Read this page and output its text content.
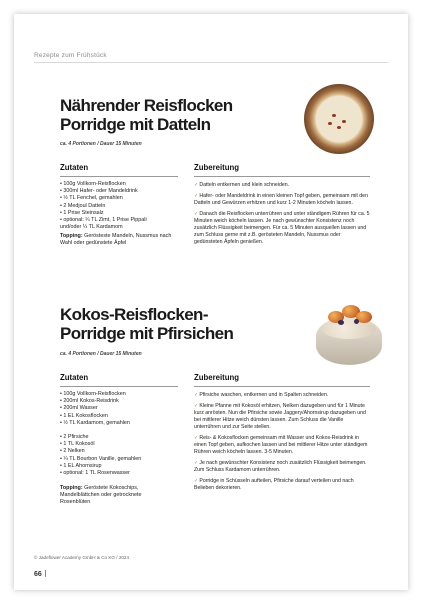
Rezepte zum Frühstück
Nährender Reisflocken
Porridge mit Datteln
ca. 4 Portionen / Dauer 15 Minuten
Zutaten
• 100g Vollkorn-Reisflocken
• 300ml Hafer- oder Mandeldrink
• ½ TL Fenchel, gemahlen
• 2 Medjoul Datteln
• 1 Prise Steinsalz
• optional: ¼ TL Zimt, 1 Prise Pippali
und/oder ¼ TL Kardamom
Topping: Gerösteste Mandeln, Nussmus nach Wahl oder gedünstete Äpfel
Zubereitung
✓Datteln entkernen und klein schneiden.
✓Hafer- oder Mandeldrink in einen kleinen Topf geben, gemeinsam mit den Datteln und Gewürzen erhitzen und kurz 1-2 Minuten köcheln lassen.
✓Danach die Reisflocken unterrühren und unter ständigem Rühren für ca. 5 Minuten weich köcheln lassen. Je nach gewünschter Konsistenz noch zusätzlich Flüssigkeit beimengen. Für ca. 5 Minuten ausquellen lassen und zum Schluss gerne mit z.B. gerösteten Mandeln, Nussmus oder gedünsteten Äpfeln genießen.
Kokos-Reisflocken-
Porridge mit Pfirsichen
ca. 4 Portionen / Dauer 15 Minuten
Zutaten
• 100g Vollkorn-Reisflocken
• 200ml Kokos-Reisdrink
• 200ml Wasser
• 1 EL Kokosflocken
• ½ TL Kardamom, gemahlen
• 2 Pfirsiche
• 1 TL Kokosöl
• 2 Nelken
• ¼ TL Bourbon Vanille, gemahlen
• 1 EL Ahornsirup
• optional: 1 TL Rosenwasser
Topping: Geröstete Kokoschips, Mandelblättchen oder getrocknete Rosenblüten
Zubereitung
✓Pfirsiche waschen, entkernen und in Spalten schneiden.
✓Kleine Pfanne mit Kokosöl erhitzen, Nelken dazugeben und für 1 Minute kurz anrösten. Nun die Pfirsiche sowie Jaggery/Ahornsirup dazugeben und bei mittlerer Hitze weich dünsten lassen. Zum Schluss die Vanille unterrühren und zur Seite stellen.
✓Reis- & Kokosflocken gemeinsam mit Wasser und Kokos-Reisdrink in einen Topf geben, aufkochen lassen und bei mittlerer Hitze unter ständigem Rühren weich köcheln lassen. 3-5 Minuten.
✓Je nach gewünschter Konsistenz noch zusätzlich Flüssigkeit beimengen. Zum Schluss Kardamom unterrühren.
✓Porridge in Schüsseln aufteilen, Pfirsiche darauf verteilen und nach Belieben dekorieren.
© Jadeflower Academy GmbH & Co KG / 2024
66
